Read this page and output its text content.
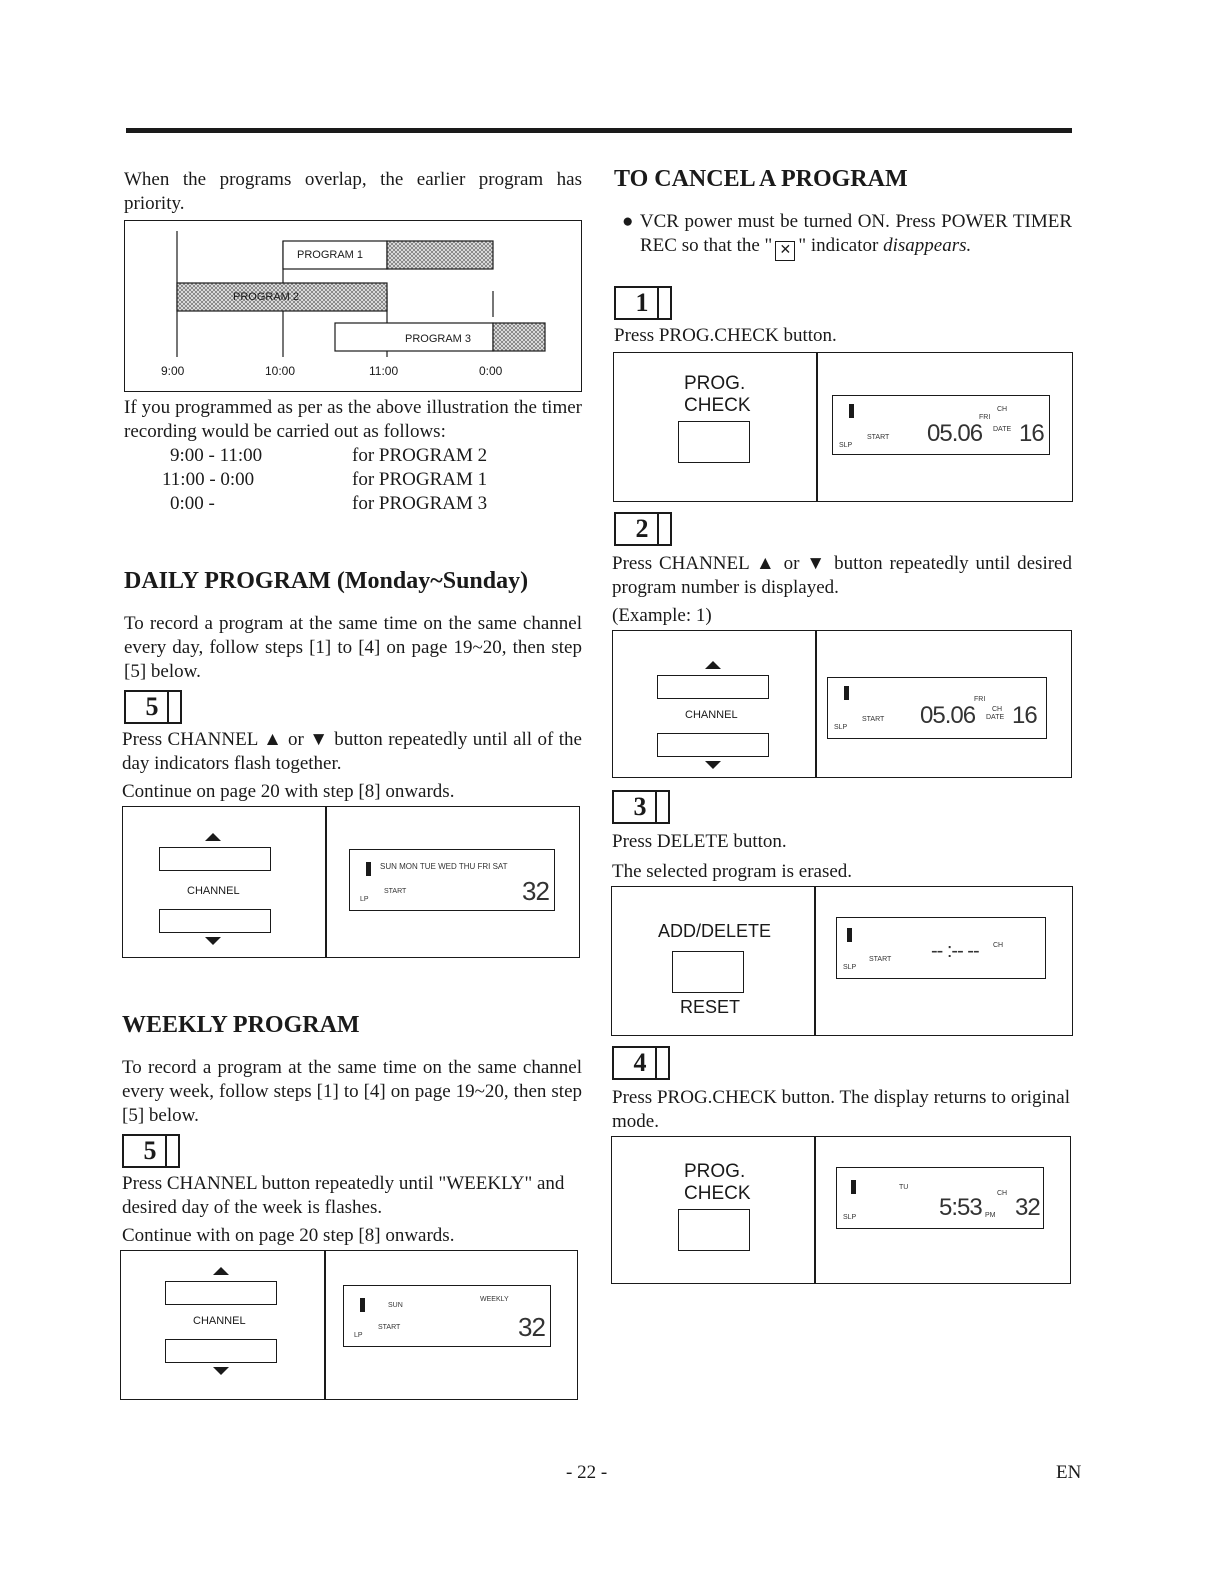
When the programs overlap, the earlier program has priority.
PROGRAM 1
PROGRAM 2
PROGRAM 3
9:00	10:00	11:00	0:00
If you programmed as per as the above illustration the timer recording would be carried out as follows:
9:00 - 11:00	for PROGRAM 2
11:00 - 0:00	for PROGRAM 1
0:00 -	for PROGRAM 3
DAILY PROGRAM (Monday~Sunday)
To record a program at the same time on the same channel every day, follow steps [1] to [4] on page 19~20, then step [5] below.
5
Press CHANNEL ▲ or ▼ button repeatedly until all of the day indicators flash together.
Continue on page 20 with step [8] onwards.
CHANNEL
SUN MON TUE WED THU FRI SAT
LP
START	32
WEEKLY PROGRAM
To record a program at the same time on the same channel every week, follow steps [1] to [4] on page 19~20, then step [5] below.
5
Press CHANNEL button repeatedly until "WEEKLY" and desired day of the week is flashes.
Continue with on page 20 step [8] onwards.
CHANNEL
SUN
WEEKLY
LP
START	32
TO CANCEL A PROGRAM
● VCR power must be turned ON. Press POWER TIMER REC so that the " ✕ " indicator disappears.
1
Press PROG.CHECK button.
PROG.
CHECK
FRI
CH
SLP
START 05.06 DATE 16
2
Press CHANNEL ▲ or ▼ button repeatedly until desired program number is displayed.
(Example: 1)
CHANNEL
FRI
CH
SLP
START 05.06 DATE 16
3
Press DELETE button.
The selected program is erased.
ADD/DELETE
RESET
CH
SLP
START -- :-- --
4
Press PROG.CHECK button. The display returns to original mode.
PROG.
CHECK	TU
CH
SLP	5:53 PM 32
- 22 -	EN
